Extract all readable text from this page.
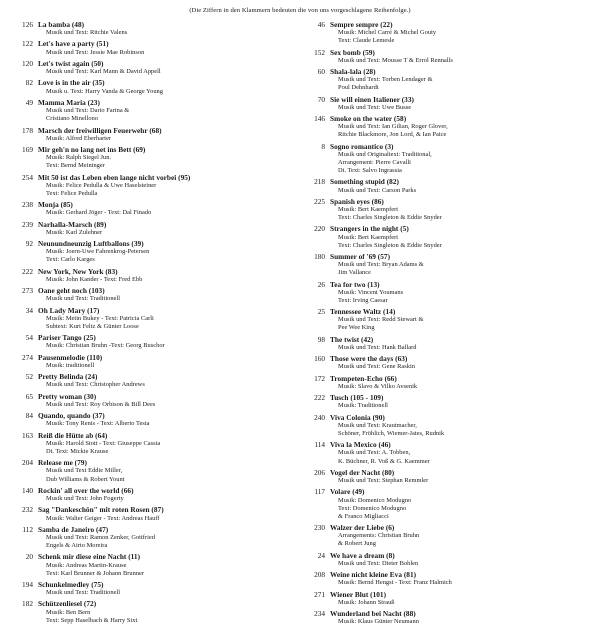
(Die Ziffern in den Klammern bedeuten die von uns vorgeschlagene Reihenfolge.)
126 La bamba (48)
Musik und Text: Ritchie Valens
122 Let's have a party (51)
Musik und Text: Jessie Mae Robinson
120 Let's twist again (50)
Musik und Text: Karl Mann & David Appell
82 Love is in the air (35)
Musik u. Text: Harry Vanda & George Young
49 Mamma Maria (23)
Musik und Text: Dario Farina &
Cristiano Minellono
178 Marsch der freiwilligen Feuerwehr (68)
Musik: Alfred Eberharter
169 Mir geh'n no lang net ins Bett (69)
Musik: Ralph Siegel Jun.
Text: Bernd Meininger
254 Mit 50 ist das Leben eben lange nicht vorbei (95)
Musik: Felice Pedulla & Uwe Haselsteiner
Text: Felice Pedulla
238 Monja (85)
Musik: Gerhard Jöger - Text: Dal Finado
239 Narhalla-Marsch (89)
Musik: Karl Zulehner
92 Neunundneunzig Luftballons (39)
Musik: Joern-Uwe Fahrenkrog-Petersen
Text: Carlo Karges
222 New York, New York (83)
Musik: John Kander - Text: Fred Ebb
273 Oane geht noch (103)
Musik und Text: Traditionell
34 Oh Lady Mary (17)
Musik: Metin Bukey - Text: Patricia Carli
Subtext: Kurt Feltz & Günter Loose
54 Pariser Tango (25)
Musik: Christian Bruhn -Text: Georg Buschor
274 Pausenmelodie (110)
Musik: traditionell
52 Pretty Belinda (24)
Musik und Text: Christopher Andrews
65 Pretty woman (30)
Musik und Text: Roy Orbison & Bill Dees
84 Quando, quando (37)
Musik: Tony Renis - Text: Alberto Testa
163 Reiß die Hütte ab (64)
Musik: Harold Stott - Text: Giuseppe Cassia
Dt. Text: Mickie Krause
204 Release me (79)
Musik und Text Eddie Miller,
Dub Williams & Robert Yount
140 Rockin' all over the world (66)
Musik und Text: John Fogerty
232 Sag "Dankeschön" mit roten Rosen (87)
Musik: Walter Geiger - Text: Andreas Hauff
112 Samba de Janeiro (47)
Musik und Text: Ramon Zenker, Gottfried
Engels & Airto Moreira
20 Schenk mir diese eine Nacht (11)
Musik: Andreas Martin-Krause
Text: Karl Brunner & Johann Brunner
194 Schunkelmedley (75)
Musik und Text: Traditionell
182 Schützenliesel (72)
Musik: Ben Bern
Text: Sepp Haselbach & Harry Sixt
46 Sempre sempre (22)
Musik: Michel Carré & Michel Gouty
Text: Claude Lemesle
152 Sex bomb (59)
Musik und Text: Mousse T & Errol Rennalls
60 Shala-lala (28)
Musik und Text: Torben Lendager &
Poul Dehnhardt
70 Sie will einen Italiener (33)
Musik und Text: Uwe Busse
146 Smoke on the water (58)
Musik und Text: Ian Gilian, Roger Glover,
Ritchie Blackmore, Jon Lord, & Ian Paice
8 Sogno romantico (3)
Musik und Originaltext: Traditional,
Arrangement: Pierre Cavalli
Dt. Text: Salvo Ingrassia
218 Something stupid (82)
Musik und Text: Carson Parks
225 Spanish eyes (86)
Musik: Bert Kaempfert
Text: Charles Singleton & Eddie Snyder
220 Strangers in the night (5)
Musik: Bert Kaempfert
Text: Charles Singleton & Eddie Snyder
180 Summer of '69 (57)
Musik und Text: Bryan Adams &
Jim Vallance
26 Tea for two (13)
Musik: Vincent Youmans
Text: Irving Caesar
25 Tennessee Waltz (14)
Musik und Text: Redd Stewart &
Pee Wee King
98 The twist (42)
Musik und Text: Hank Ballard
160 Those were the days (63)
Musik und Text: Gene Raskin
172 Trompeten-Echo (66)
Musik: Slavo & Vilko Avsenik
222 Tusch (105 - 109)
Musik: Traditionell
240 Viva Colonia (90)
Musik und Text: Krautmacher,
Schöner, Fröhlich, Wiemer-Jates, Rudnik
114 Viva la Mexico (46)
Musik und Text: A. Tobben,
K. Büchner, R. Voß & G. Kaemmer
206 Vogel der Nacht (80)
Musik und Text: Stephan Remmler
117 Volare (49)
Musik: Domenico Modugno
Text: Domenico Modugno
& Franco Migliacci
230 Walzer der Liebe (6)
Arrangements: Christian Bruhn
& Robert Jung
24 We have a dream (8)
Musik und Text: Dieter Bohlen
208 Weine nicht kleine Eva (81)
Musik: Bernd Hengst - Text: Franz Halmich
271 Wiener Blut (101)
Musik: Johann Strauß
234 Wunderland bei Nacht (88)
Musik: Klaus Günter Neumann
